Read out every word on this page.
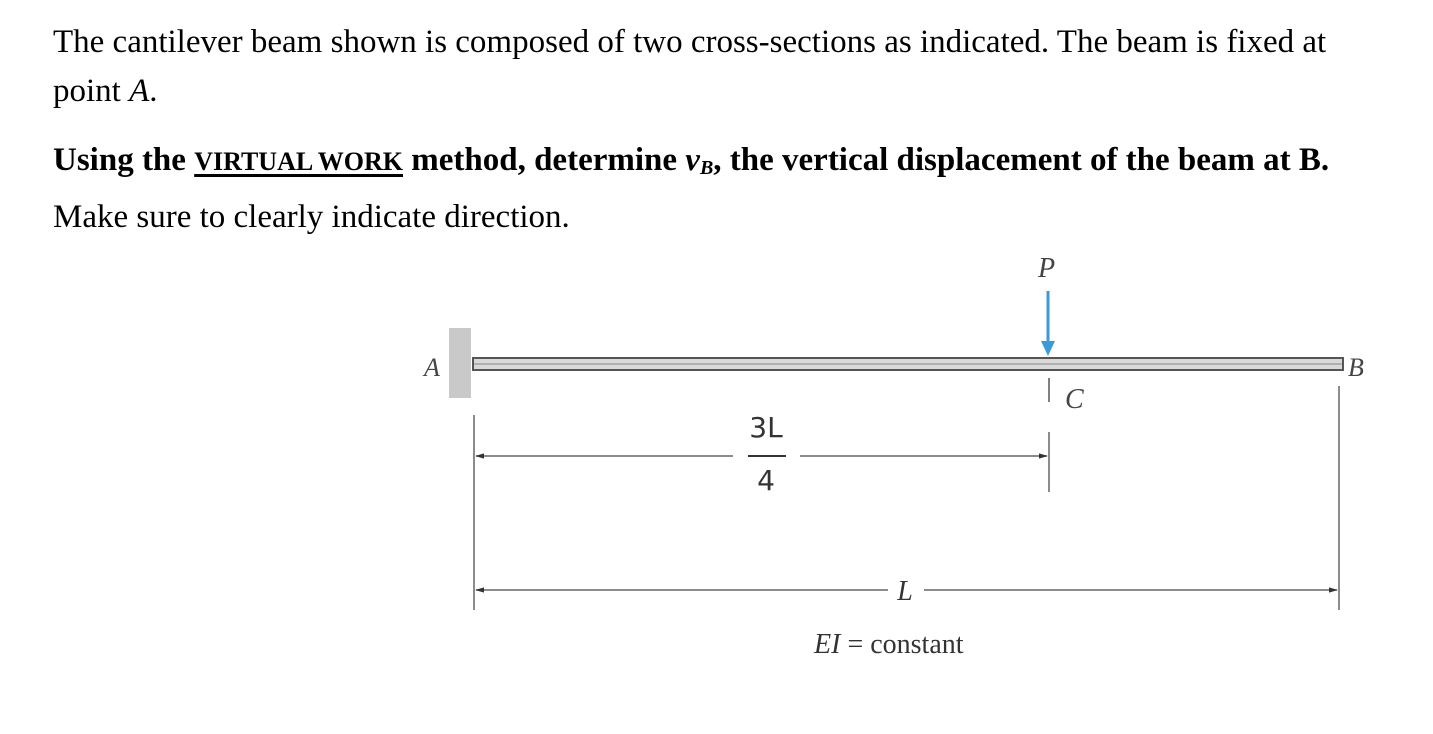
The cantilever beam shown is composed of two cross-sections as indicated. The beam is fixed at point A.

Using the VIRTUAL WORK method, determine $v_B$, the vertical displacement of the beam at B. Make sure to clearly indicate direction.

A	B
P
C
3L
4
L
EI = constant
